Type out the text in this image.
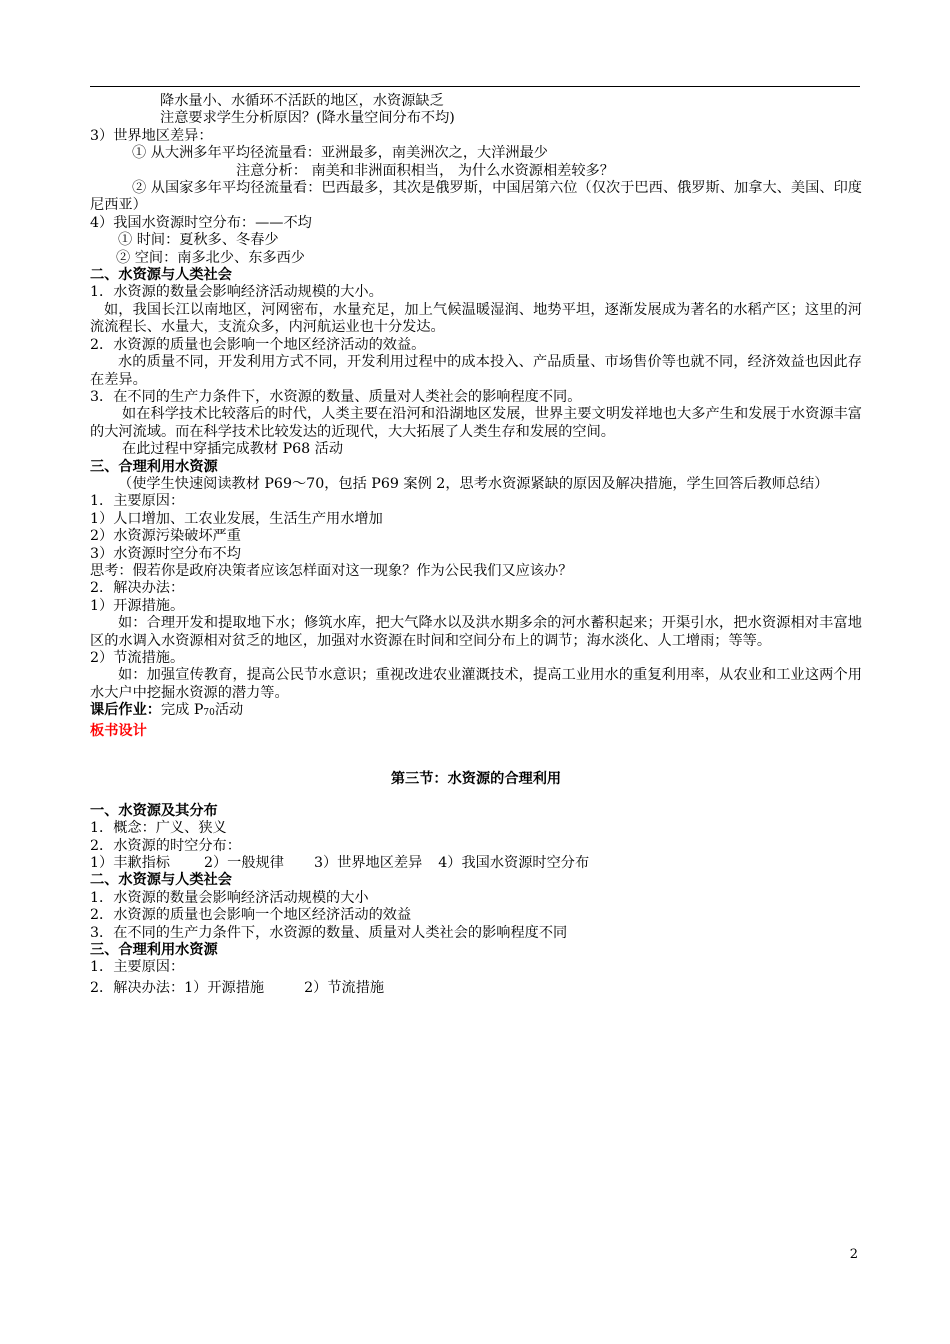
降水量小、水循环不活跃的地区，水资源缺乏

注意要求学生分析原因？(降水量空间分布不均)

3）世界地区差异：

① 从大洲多年平均径流量看：亚洲最多，南美洲次之，大洋洲最少

注意分析： 南美和非洲面积相当， 为什么水资源相差较多？

② 从国家多年平均径流量看：巴西最多，其次是俄罗斯，中国居第六位（仅次于巴西、俄罗斯、加拿大、美国、印度尼西亚）

4）我国水资源时空分布：——不均

① 时间：夏秋多、冬春少

② 空间：南多北少、东多西少

二、水资源与人类社会

1．水资源的数量会影响经济活动规模的大小。

如，我国长江以南地区，河网密布，水量充足，加上气候温暖湿润、地势平坦，逐渐发展成为著名的水稻产区；这里的河流流程长、水量大，支流众多，内河航运业也十分发达。

2．水资源的质量也会影响一个地区经济活动的效益。

水的质量不同，开发利用方式不同，开发利用过程中的成本投入、产品质量、市场售价等也就不同，经济效益也因此存在差异。

3．在不同的生产力条件下，水资源的数量、质量对人类社会的影响程度不同。

如在科学技术比较落后的时代，人类主要在沿河和沿湖地区发展，世界主要文明发祥地也大多产生和发展于水资源丰富的大河流域。而在科学技术比较发达的近现代，大大拓展了人类生存和发展的空间。

在此过程中穿插完成教材 P68 活动

三、合理利用水资源

（使学生快速阅读教材 P69～70，包括 P69 案例 2，思考水资源紧缺的原因及解决措施，学生回答后教师总结）

1．主要原因：

1）人口增加、工农业发展，生活生产用水增加

2）水资源污染破坏严重

3）水资源时空分布不均

思考：假若你是政府决策者应该怎样面对这一现象？作为公民我们又应该办？

2．解决办法：

1）开源措施。

如：合理开发和提取地下水；修筑水库，把大气降水以及洪水期多余的河水蓄积起来；开渠引水，把水资源相对丰富地区的水调入水资源相对贫乏的地区，加强对水资源在时间和空间分布上的调节；海水淡化、人工增雨；等等。

2）节流措施。

如：加强宣传教育，提高公民节水意识；重视改进农业灌溉技术，提高工业用水的重复利用率，从农业和工业这两个用水大户中挖掘水资源的潜力等。

课后作业：完成 $P_{70}$活动

板书设计

第三节：水资源的合理利用

一、水资源及其分布

1．概念：广义、狭义

2．水资源的时空分布：

1）丰歉指标 2）一般规律 3）世界地区差异 4）我国水资源时空分布

二、水资源与人类社会

1．水资源的数量会影响经济活动规模的大小

2．水资源的质量也会影响一个地区经济活动的效益

3．在不同的生产力条件下，水资源的数量、质量对人类社会的影响程度不同

三、合理利用水资源

1．主要原因：

2．解决办法：1）开源措施	2）节流措施

2
